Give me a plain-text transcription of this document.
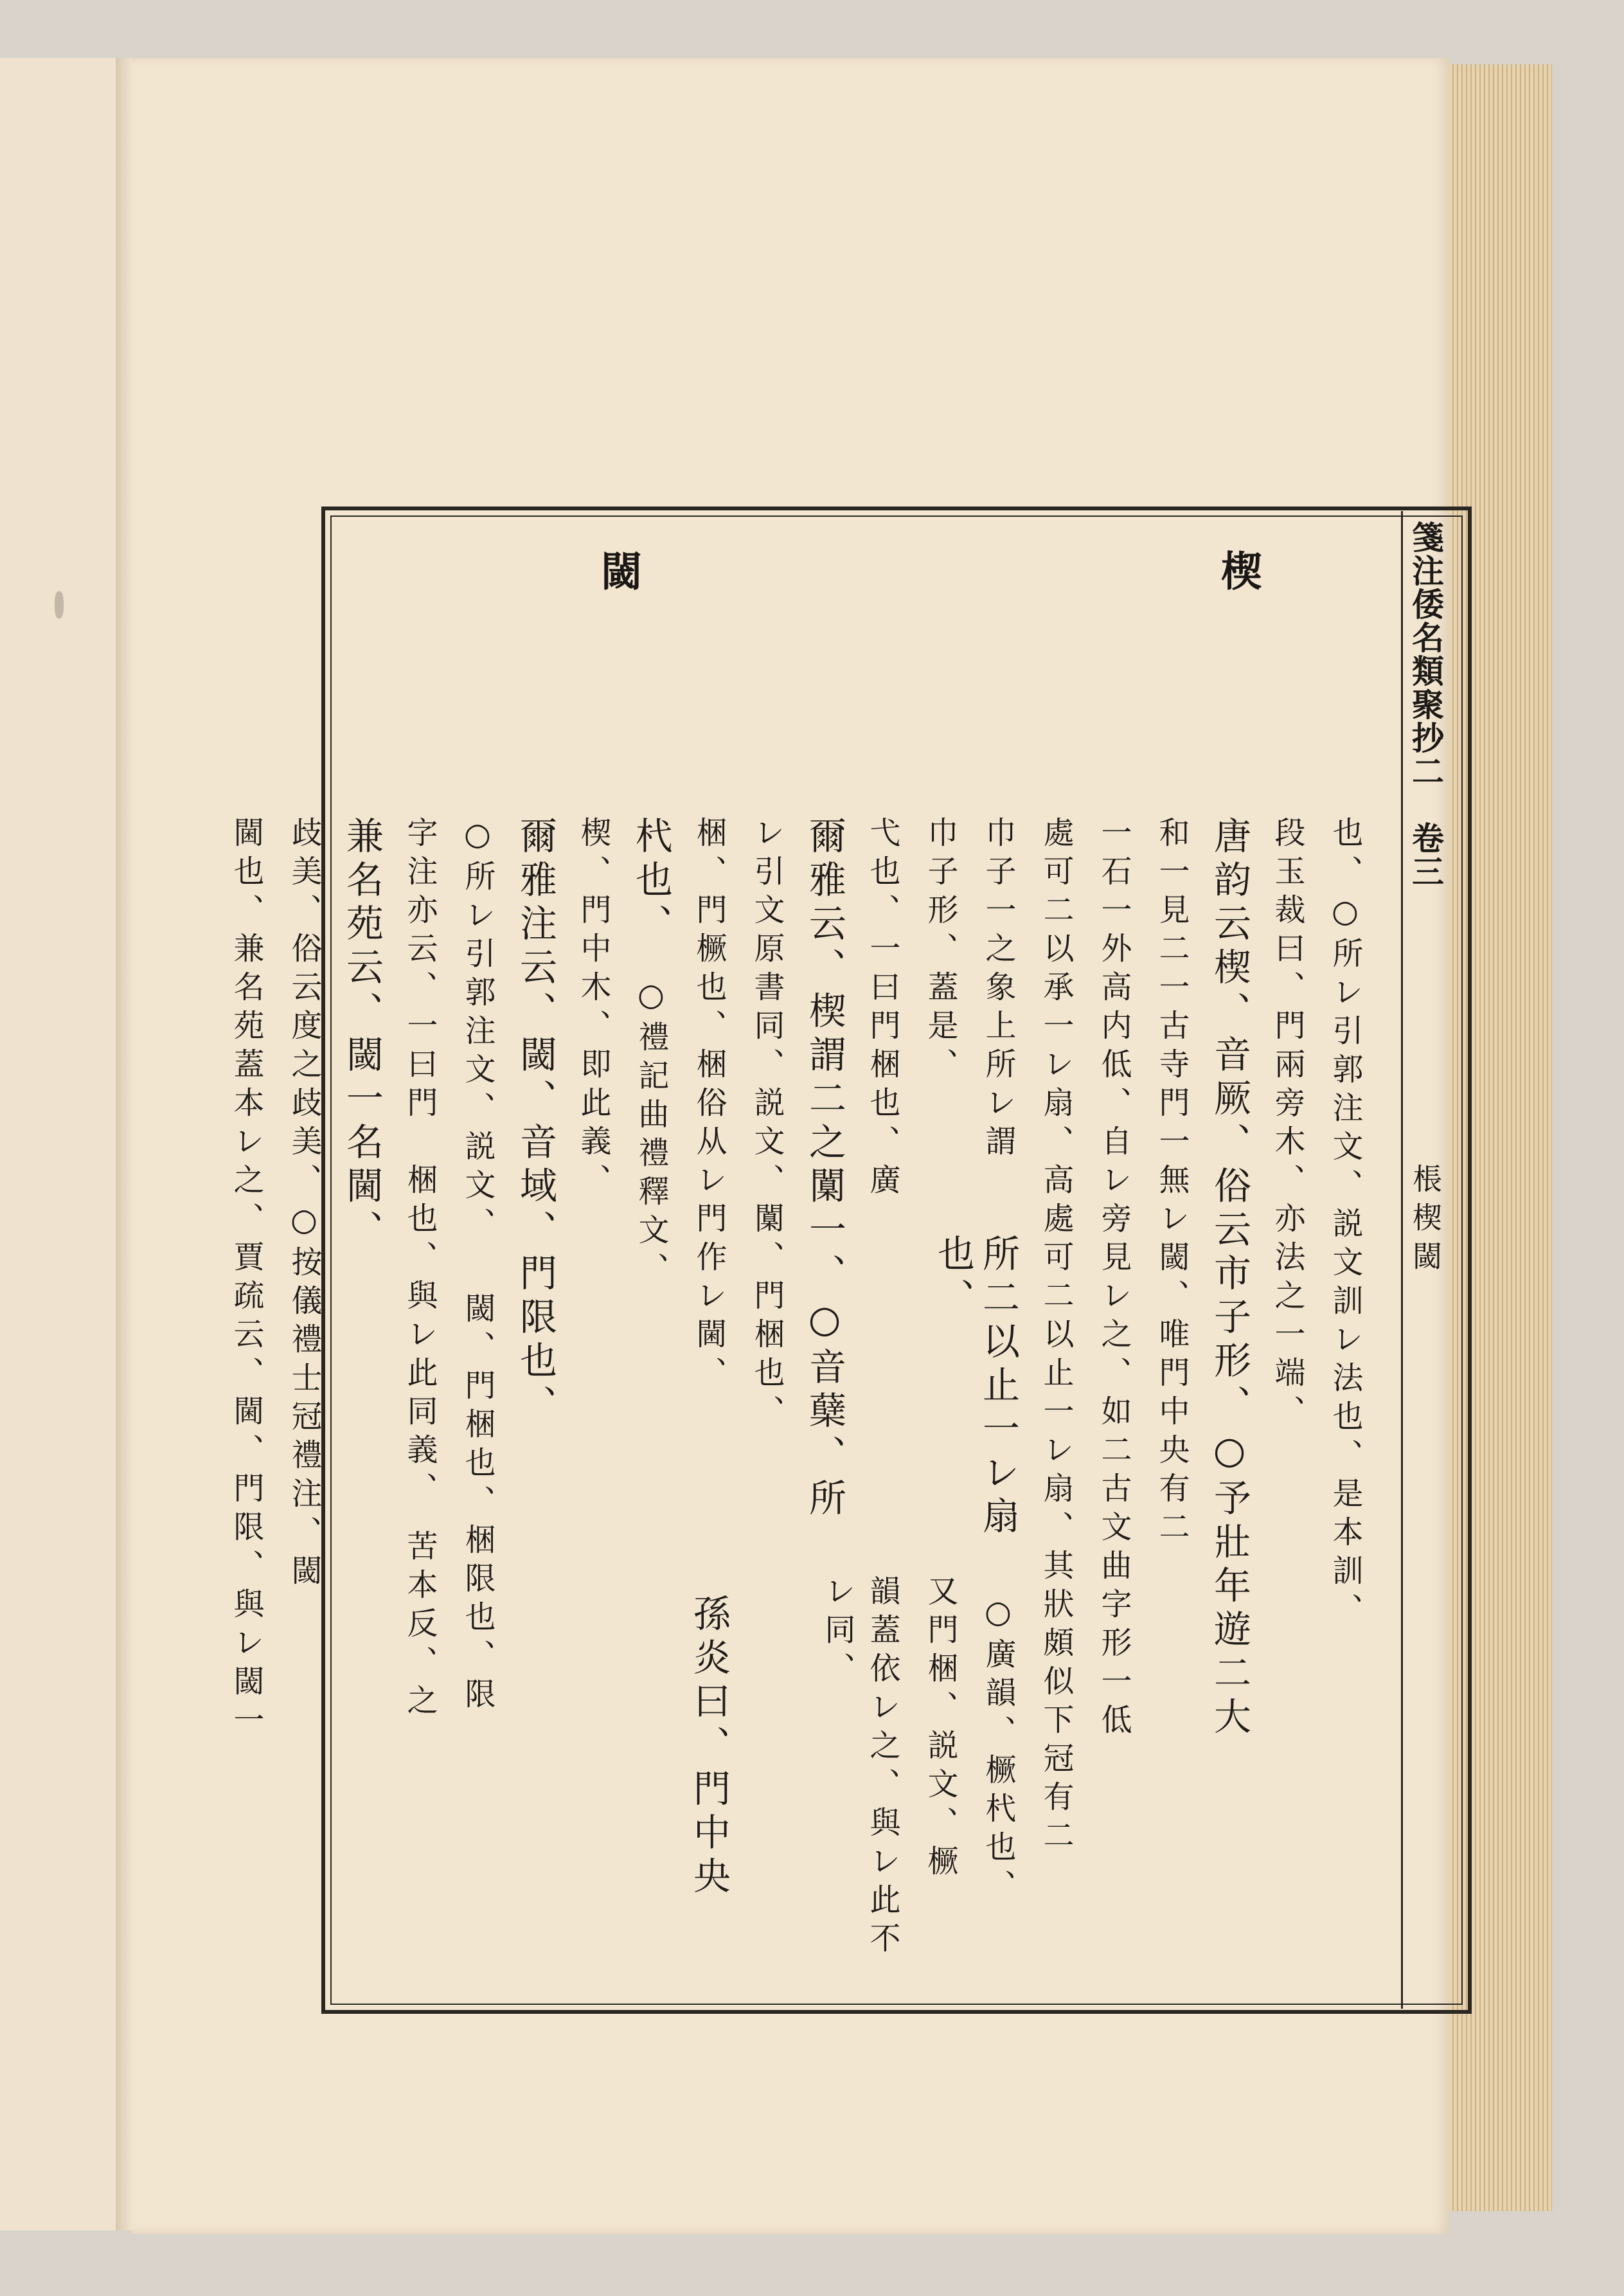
箋注倭名類聚抄二　卷三
棖楔閾
楔
閾
也、○所レ引郭注文、説文訓レ法也、是本訓、
段玉裁曰、門兩旁木、亦法之一端、
唐韵云楔、音厥、俗云市子形、○予壯年遊二大
和一見二一古寺門一無レ閾、唯門中央有二
一石一外高内低、自レ旁見レ之、如二古文曲字形一低
處可二以承一レ扇、高處可二以止一レ扇、其狀頗似下冠有二
巾子一之象上所レ謂
所二以止一レ扇也、
巾子形、蓋是、
又門梱、説文、橛
弋也、一曰門梱也、廣
○廣韻、橛杙也、
韻蓋依レ之、與レ此不レ同、
爾雅云、楔謂二之闑一、○音蘖、所
レ引文原書同、説文、闑、門梱也、
梱、門橛也、梱俗从レ門作レ閫、
孫炎曰、門中央
杙也、
○禮記曲禮釋文、
楔、門中木、即此義、
爾雅注云、閾、音域、門限也、
○所レ引郭注文、説文、
閾、門梱也、梱限也、限
字注亦云、一曰門
梱也、與レ此同義、
兼名苑云、閾一名閫、
苦本反、之
歧美、俗云度之歧美、○按儀禮士冠禮注、閾
閫也、兼名苑蓋本レ之、賈疏云、閫、門限、與レ閾一
